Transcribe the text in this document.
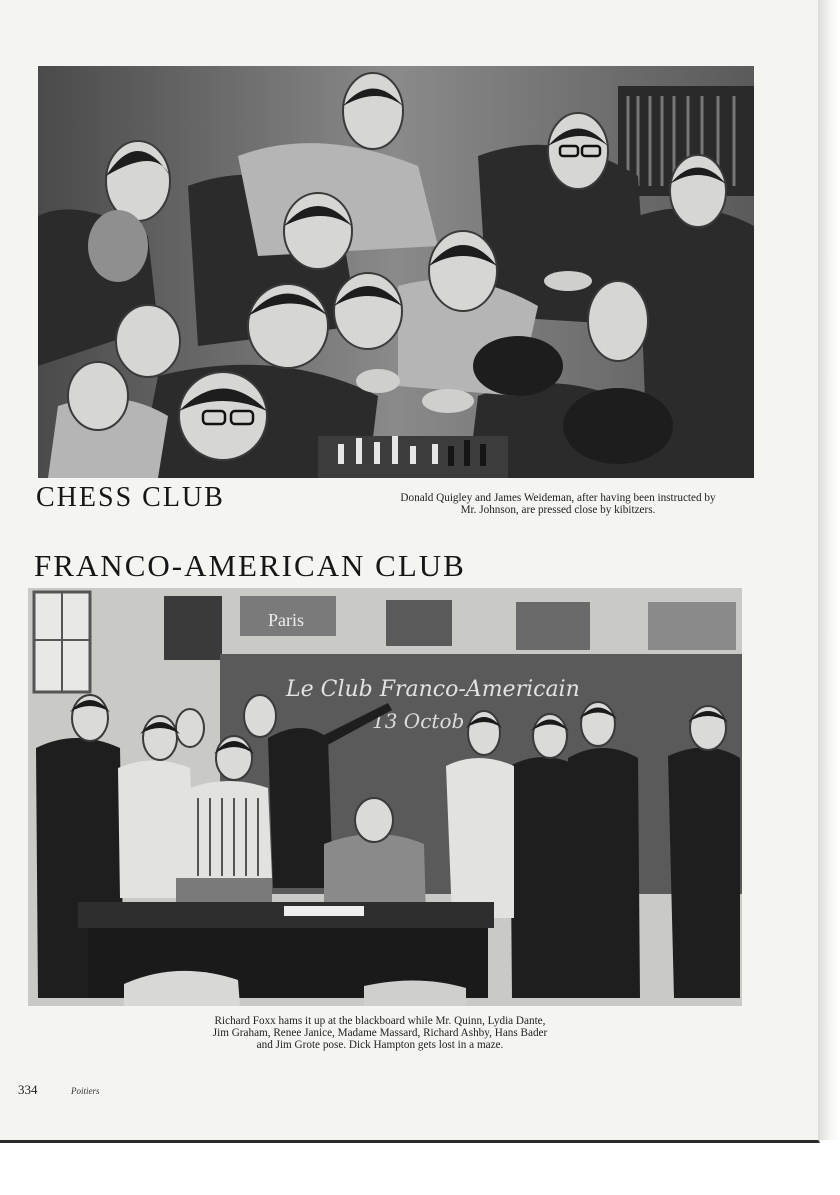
CHESS CLUB	Donald Quigley and James Weideman, after having been instructed by
Mr. Johnson, are pressed close by kibitzers.
FRANCO-AMERICAN CLUB
Paris
Le Club Franco-Americain
13 Octob
Richard Foxx hams it up at the blackboard while Mr. Quinn, Lydia Dante,
Jim Graham, Renee Janice, Madame Massard, Richard Ashby, Hans Bader
and Jim Grote pose. Dick Hampton gets lost in a maze.
334	Poitiers
